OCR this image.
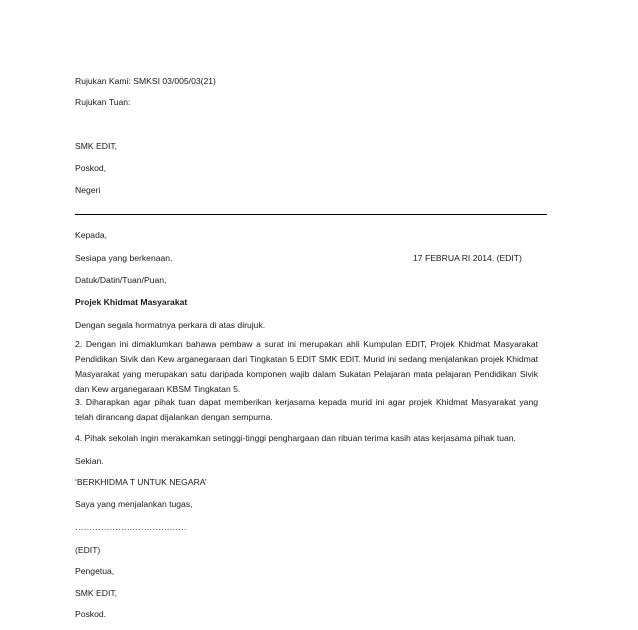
Rujukan Kami: SMKSI 03/005/03(21)

Rujukan Tuan:

SMK EDIT,

Poskod,

Negeri

Kepada,

Sesiapa yang berkenaan.	17 FEBRUA RI 2014. (EDIT)

Datuk/Datin/Tuan/Puan,

Projek Khidmat Masyarakat

Dengan segala hormatnya perkara di atas dirujuk.

2. Dengan ini dimaklumkan bahawa pembaw a surat ini merupakan ahli Kumpulan EDIT, Projek Khidmat Masyarakat Pendidikan Sivik dan Kew arganegaraan dari Tingkatan 5 EDIT SMK EDIT. Murid ini sedang menjalankan projek Khidmat Masyarakat yang merupakan satu daripada komponen wajib dalam Sukatan Pelajaran mata pelajaran Pendidikan Sivik dan Kew arganegaraan KBSM Tingkatan 5.

3. Diharapkan agar pihak tuan dapat memberikan kerjasama kepada murid ini agar projek Khidmat Masyarakat yang telah dirancang dapat dijalankan dengan sempurna.

4. Pihak sekolah ingin merakamkan setinggi-tinggi penghargaan dan ribuan terima kasih atas kerjasama pihak tuan.

Sekian.

‘BERKHIDMA T UNTUK NEGARA’

Saya yang menjalankan tugas,

…………………………………

(EDIT)

Pengetua,

SMK EDIT,

Poskod.
